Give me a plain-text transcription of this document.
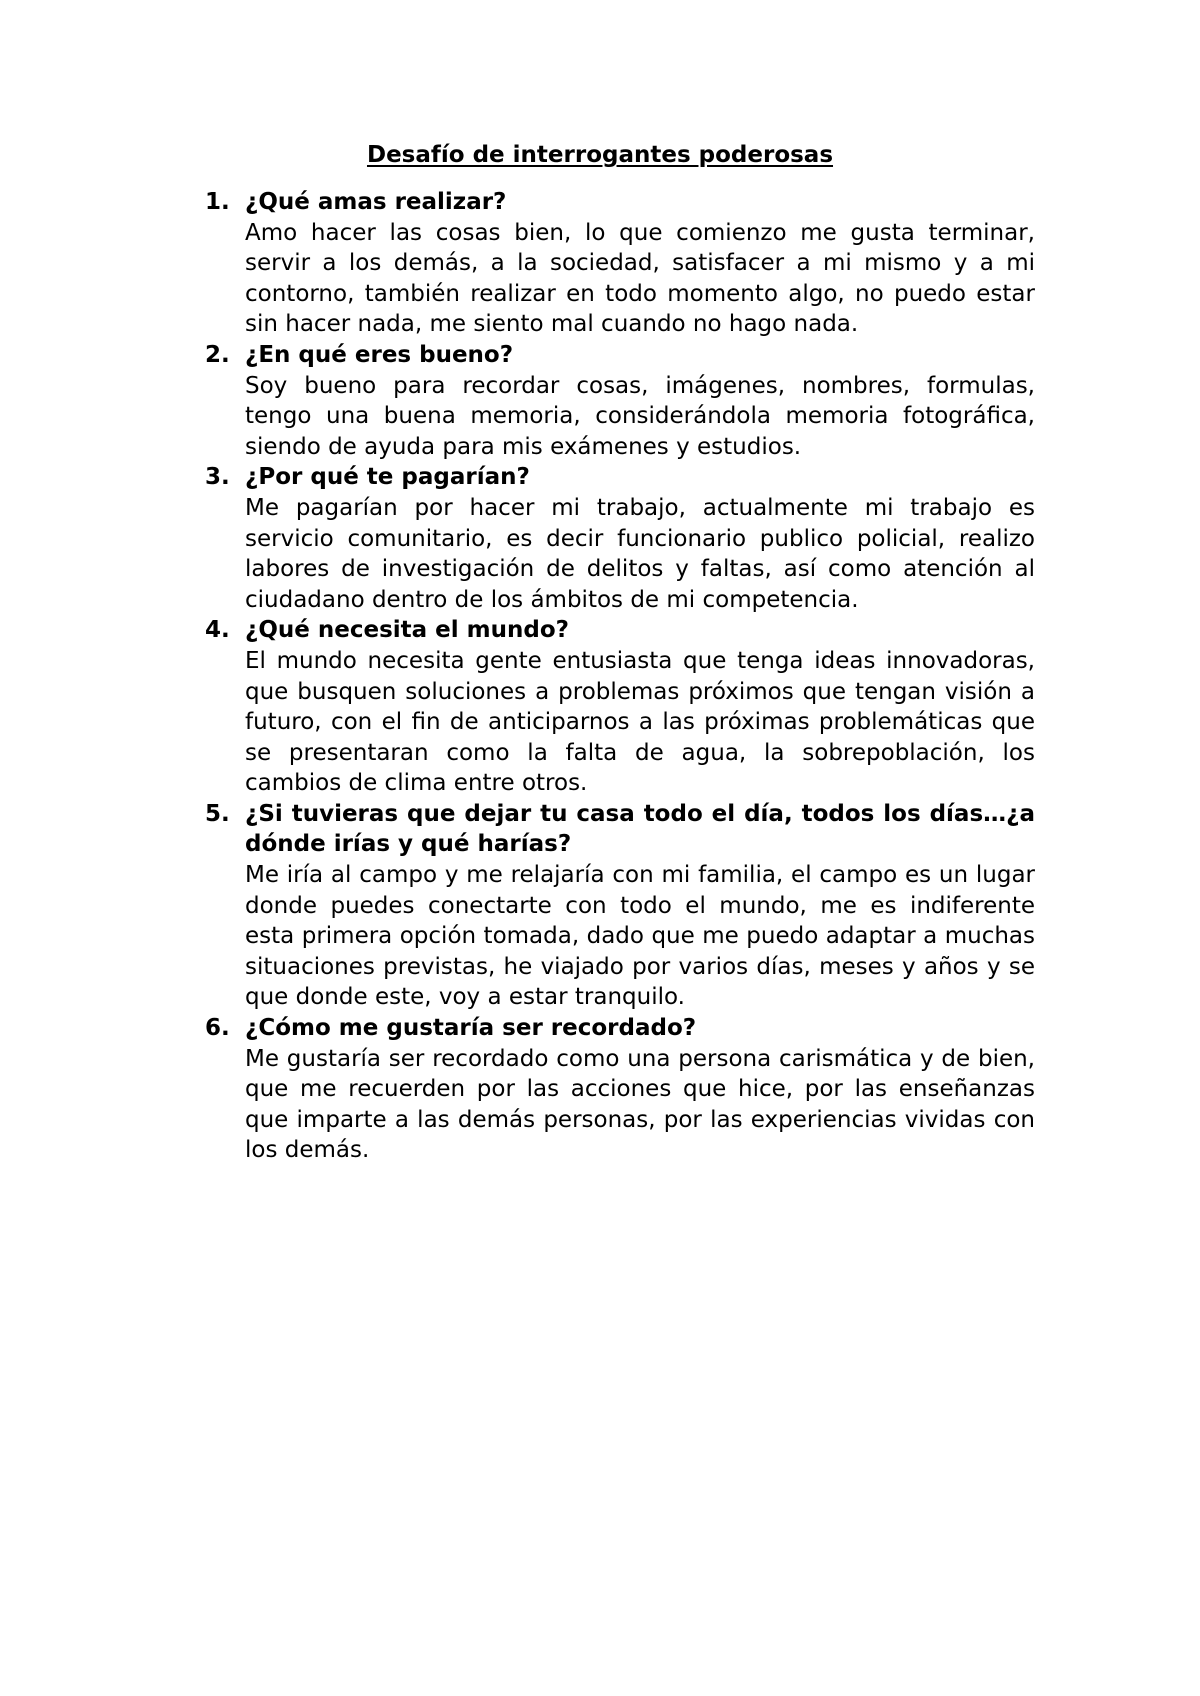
Desafío de interrogantes poderosas
1. ¿Qué amas realizar?

Amo hacer las cosas bien, lo que comienzo me gusta terminar, servir a los demás, a la sociedad, satisfacer a mi mismo y a mi contorno, también realizar en todo momento algo, no puedo estar sin hacer nada, me siento mal cuando no hago nada.

2. ¿En qué eres bueno?

Soy bueno para recordar cosas, imágenes, nombres, formulas, tengo una buena memoria, considerándola memoria fotográfica, siendo de ayuda para mis exámenes y estudios.

3. ¿Por qué te pagarían?

Me pagarían por hacer mi trabajo, actualmente mi trabajo es servicio comunitario, es decir funcionario publico policial, realizo labores de investigación de delitos y faltas, así como atención al ciudadano dentro de los ámbitos de mi competencia.

4. ¿Qué necesita el mundo?

El mundo necesita gente entusiasta que tenga ideas innovadoras, que busquen soluciones a problemas próximos que tengan visión a futuro, con el fin de anticiparnos a las próximas problemáticas que se presentaran como la falta de agua, la sobrepoblación, los cambios de clima entre otros.

5. ¿Si tuvieras que dejar tu casa todo el día, todos los días…¿a dónde irías y qué harías?

Me iría al campo y me relajaría con mi familia, el campo es un lugar donde puedes conectarte con todo el mundo, me es indiferente esta primera opción tomada, dado que me puedo adaptar a muchas situaciones previstas, he viajado por varios días, meses y años y se que donde este, voy a estar tranquilo.

6. ¿Cómo me gustaría ser recordado?

Me gustaría ser recordado como una persona carismática y de bien, que me recuerden por las acciones que hice, por las enseñanzas que imparte a las demás personas, por las experiencias vividas con los demás.
